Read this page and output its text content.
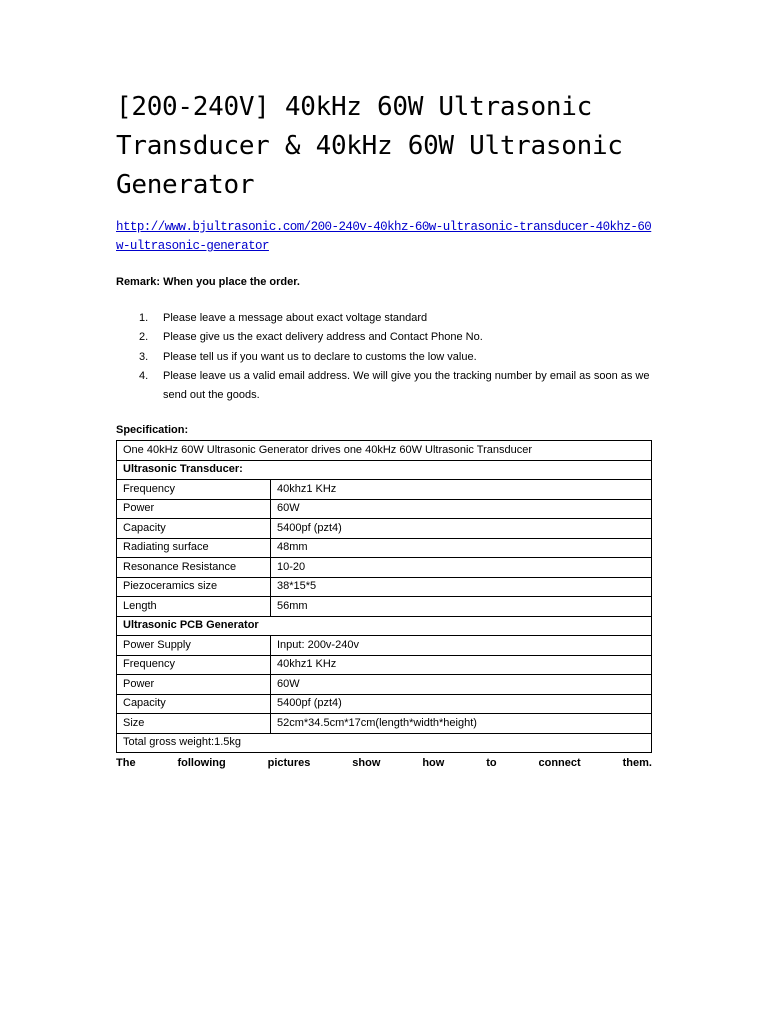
[200-240V] 40kHz 60W Ultrasonic Transducer & 40kHz 60W Ultrasonic Generator
http://www.bjultrasonic.com/200-240v-40khz-60w-ultrasonic-transducer-40khz-60w-ultrasonic-generator
Remark: When you place the order.
1. Please leave a message about exact voltage standard
2. Please give us the exact delivery address and Contact Phone No.
3. Please tell us if you want us to declare to customs the low value.
4. Please leave us a valid email address. We will give you the tracking number by email as soon as we send out the goods.
Specification:
One 40kHz 60W Ultrasonic Generator drives one 40kHz 60W Ultrasonic Transducer	
Ultrasonic Transducer:	
Frequency	40khz1 KHz
Power	60W
Capacity	5400pf (pzt4)
Radiating surface	48mm
Resonance Resistance	10-20
Piezoceramics size	38*15*5
Length	56mm
Ultrasonic PCB Generator	
Power Supply	Input: 200v-240v
Frequency	40khz1 KHz
Power	60W
Capacity	5400pf (pzt4)
Size	52cm*34.5cm*17cm(length*width*height)
Total gross weight:1.5kg	
The	following	pictures	show	how	to	connect	them.
